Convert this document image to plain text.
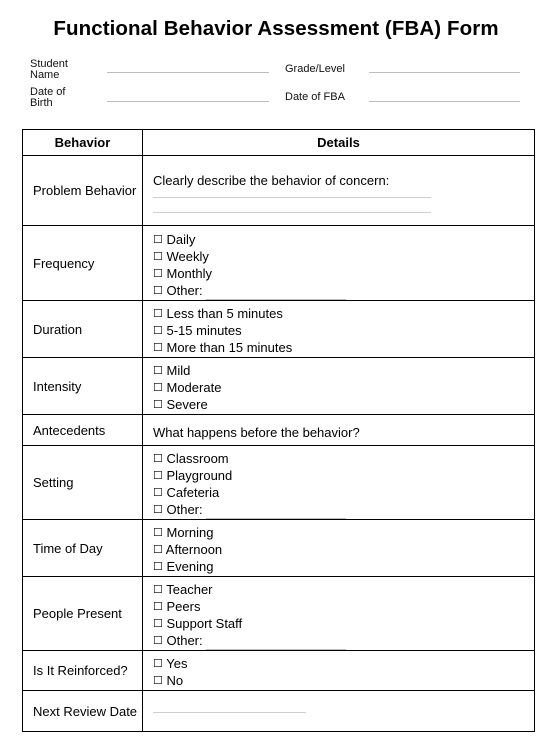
Functional Behavior Assessment (FBA) Form
Student
Name	Grade/Level
Date of
Birth	Date of FBA
Behavior	Details
Problem Behavior	Clearly describe the behavior of concern:

Frequency	☐ Daily
☐ Weekly
☐ Monthly
☐ Other:

Duration	☐ Less than 5 minutes
☐ 5-15 minutes
☐ More than 15 minutes

Intensity	☐ Mild
☐ Moderate
☐ Severe

Antecedents	What happens before the behavior?

Setting	☐ Classroom
☐ Playground
☐ Cafeteria
☐ Other:

Time of Day	☐ Morning
☐ Afternoon
☐ Evening

People Present	☐ Teacher
☐ Peers
☐ Support Staff
☐ Other:

Is It Reinforced?	☐ Yes
☐ No

Next Review Date	
